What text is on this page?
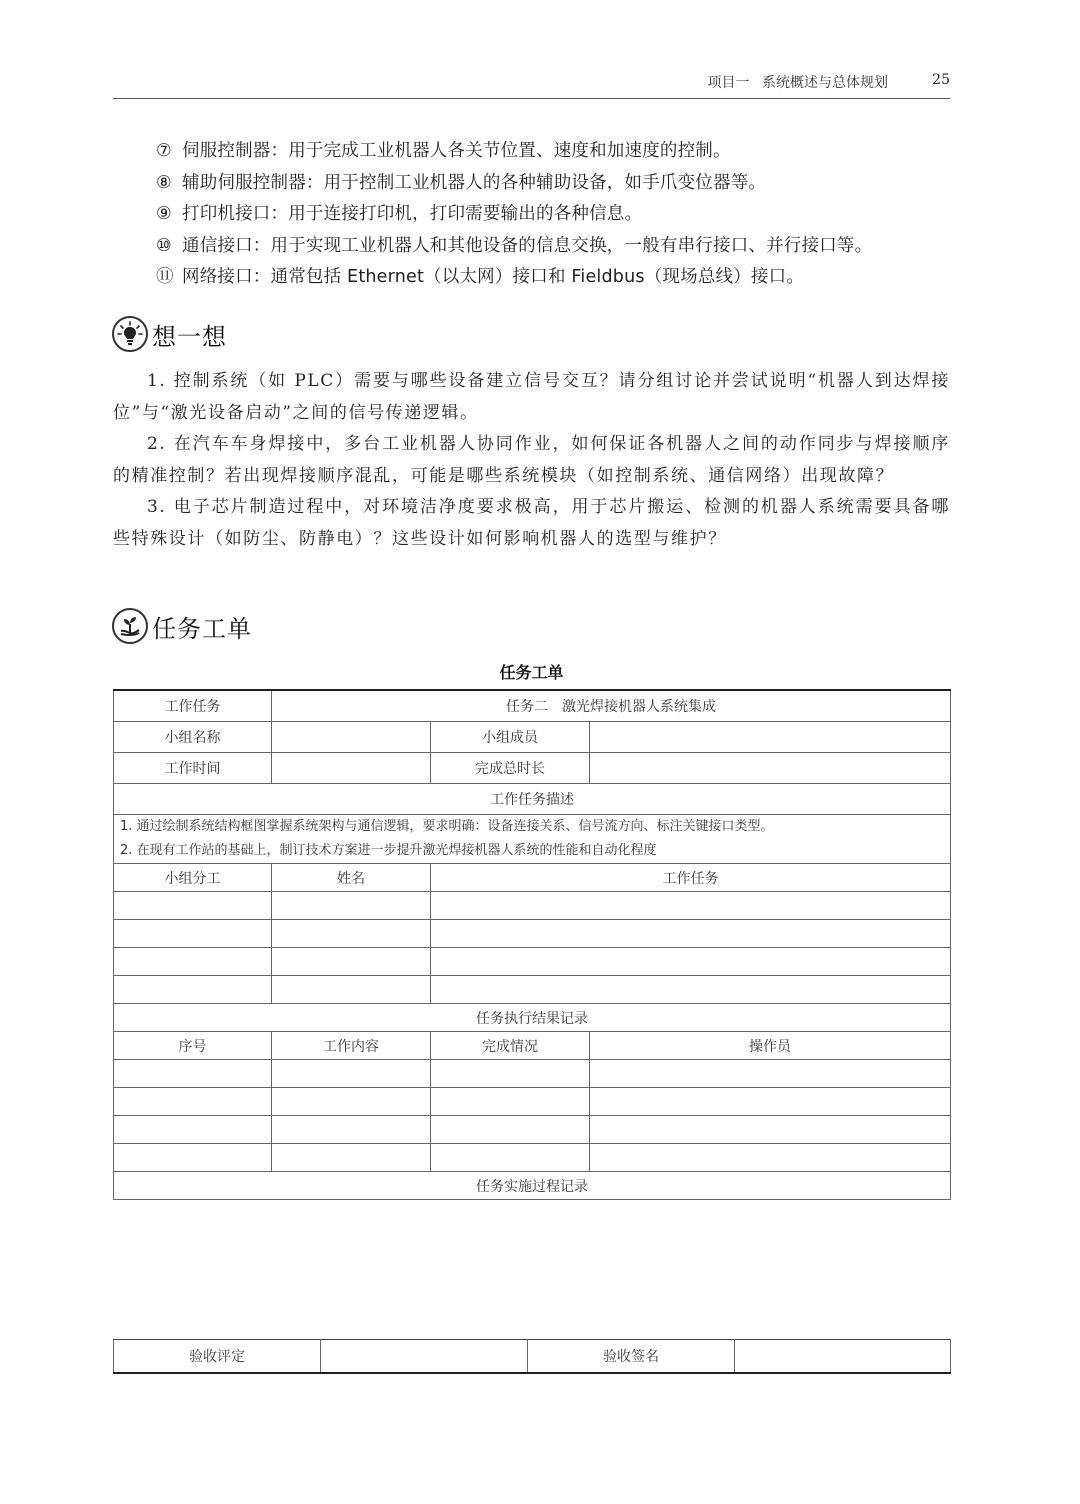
项目一 系统概述与总体规划	25
⑦ 伺服控制器：用于完成工业机器人各关节位置、速度和加速度的控制。
⑧ 辅助伺服控制器：用于控制工业机器人的各种辅助设备，如手爪变位器等。
⑨ 打印机接口：用于连接打印机，打印需要输出的各种信息。
⑩ 通信接口：用于实现工业机器人和其他设备的信息交换，一般有串行接口、并行接口等。
⑪ 网络接口：通常包括 Ethernet（以太网）接口和 Fieldbus（现场总线）接口。
想一想

1. 控制系统（如 PLC）需要与哪些设备建立信号交互？请分组讨论并尝试说明“机器人到达焊接位”与“激光设备启动”之间的信号传递逻辑。

2. 在汽车车身焊接中，多台工业机器人协同作业，如何保证各机器人之间的动作同步与焊接顺序的精准控制？若出现焊接顺序混乱，可能是哪些系统模块（如控制系统、通信网络）出现故障？

3. 电子芯片制造过程中，对环境洁净度要求极高，用于芯片搬运、检测的机器人系统需要具备哪些特殊设计（如防尘、防静电）？这些设计如何影响机器人的选型与维护？

任务工单
任务工单
工作任务	任务二　激光焊接机器人系统集成		
小组名称		小组成员	
工作时间		完成总时长	
工作任务描述			

1. 通过绘制系统结构框图掌握系统架构与通信逻辑，要求明确：设备连接关系、信号流方向、标注关键接口类型。
2. 在现有工作站的基础上，制订技术方案进一步提升激光焊接机器人系统的性能和自动化程度			

小组分工	姓名	工作任务	

任务执行结果记录			
序号	工作内容	完成情况	操作员

任务实施过程记录			

验收评定		验收签名	
